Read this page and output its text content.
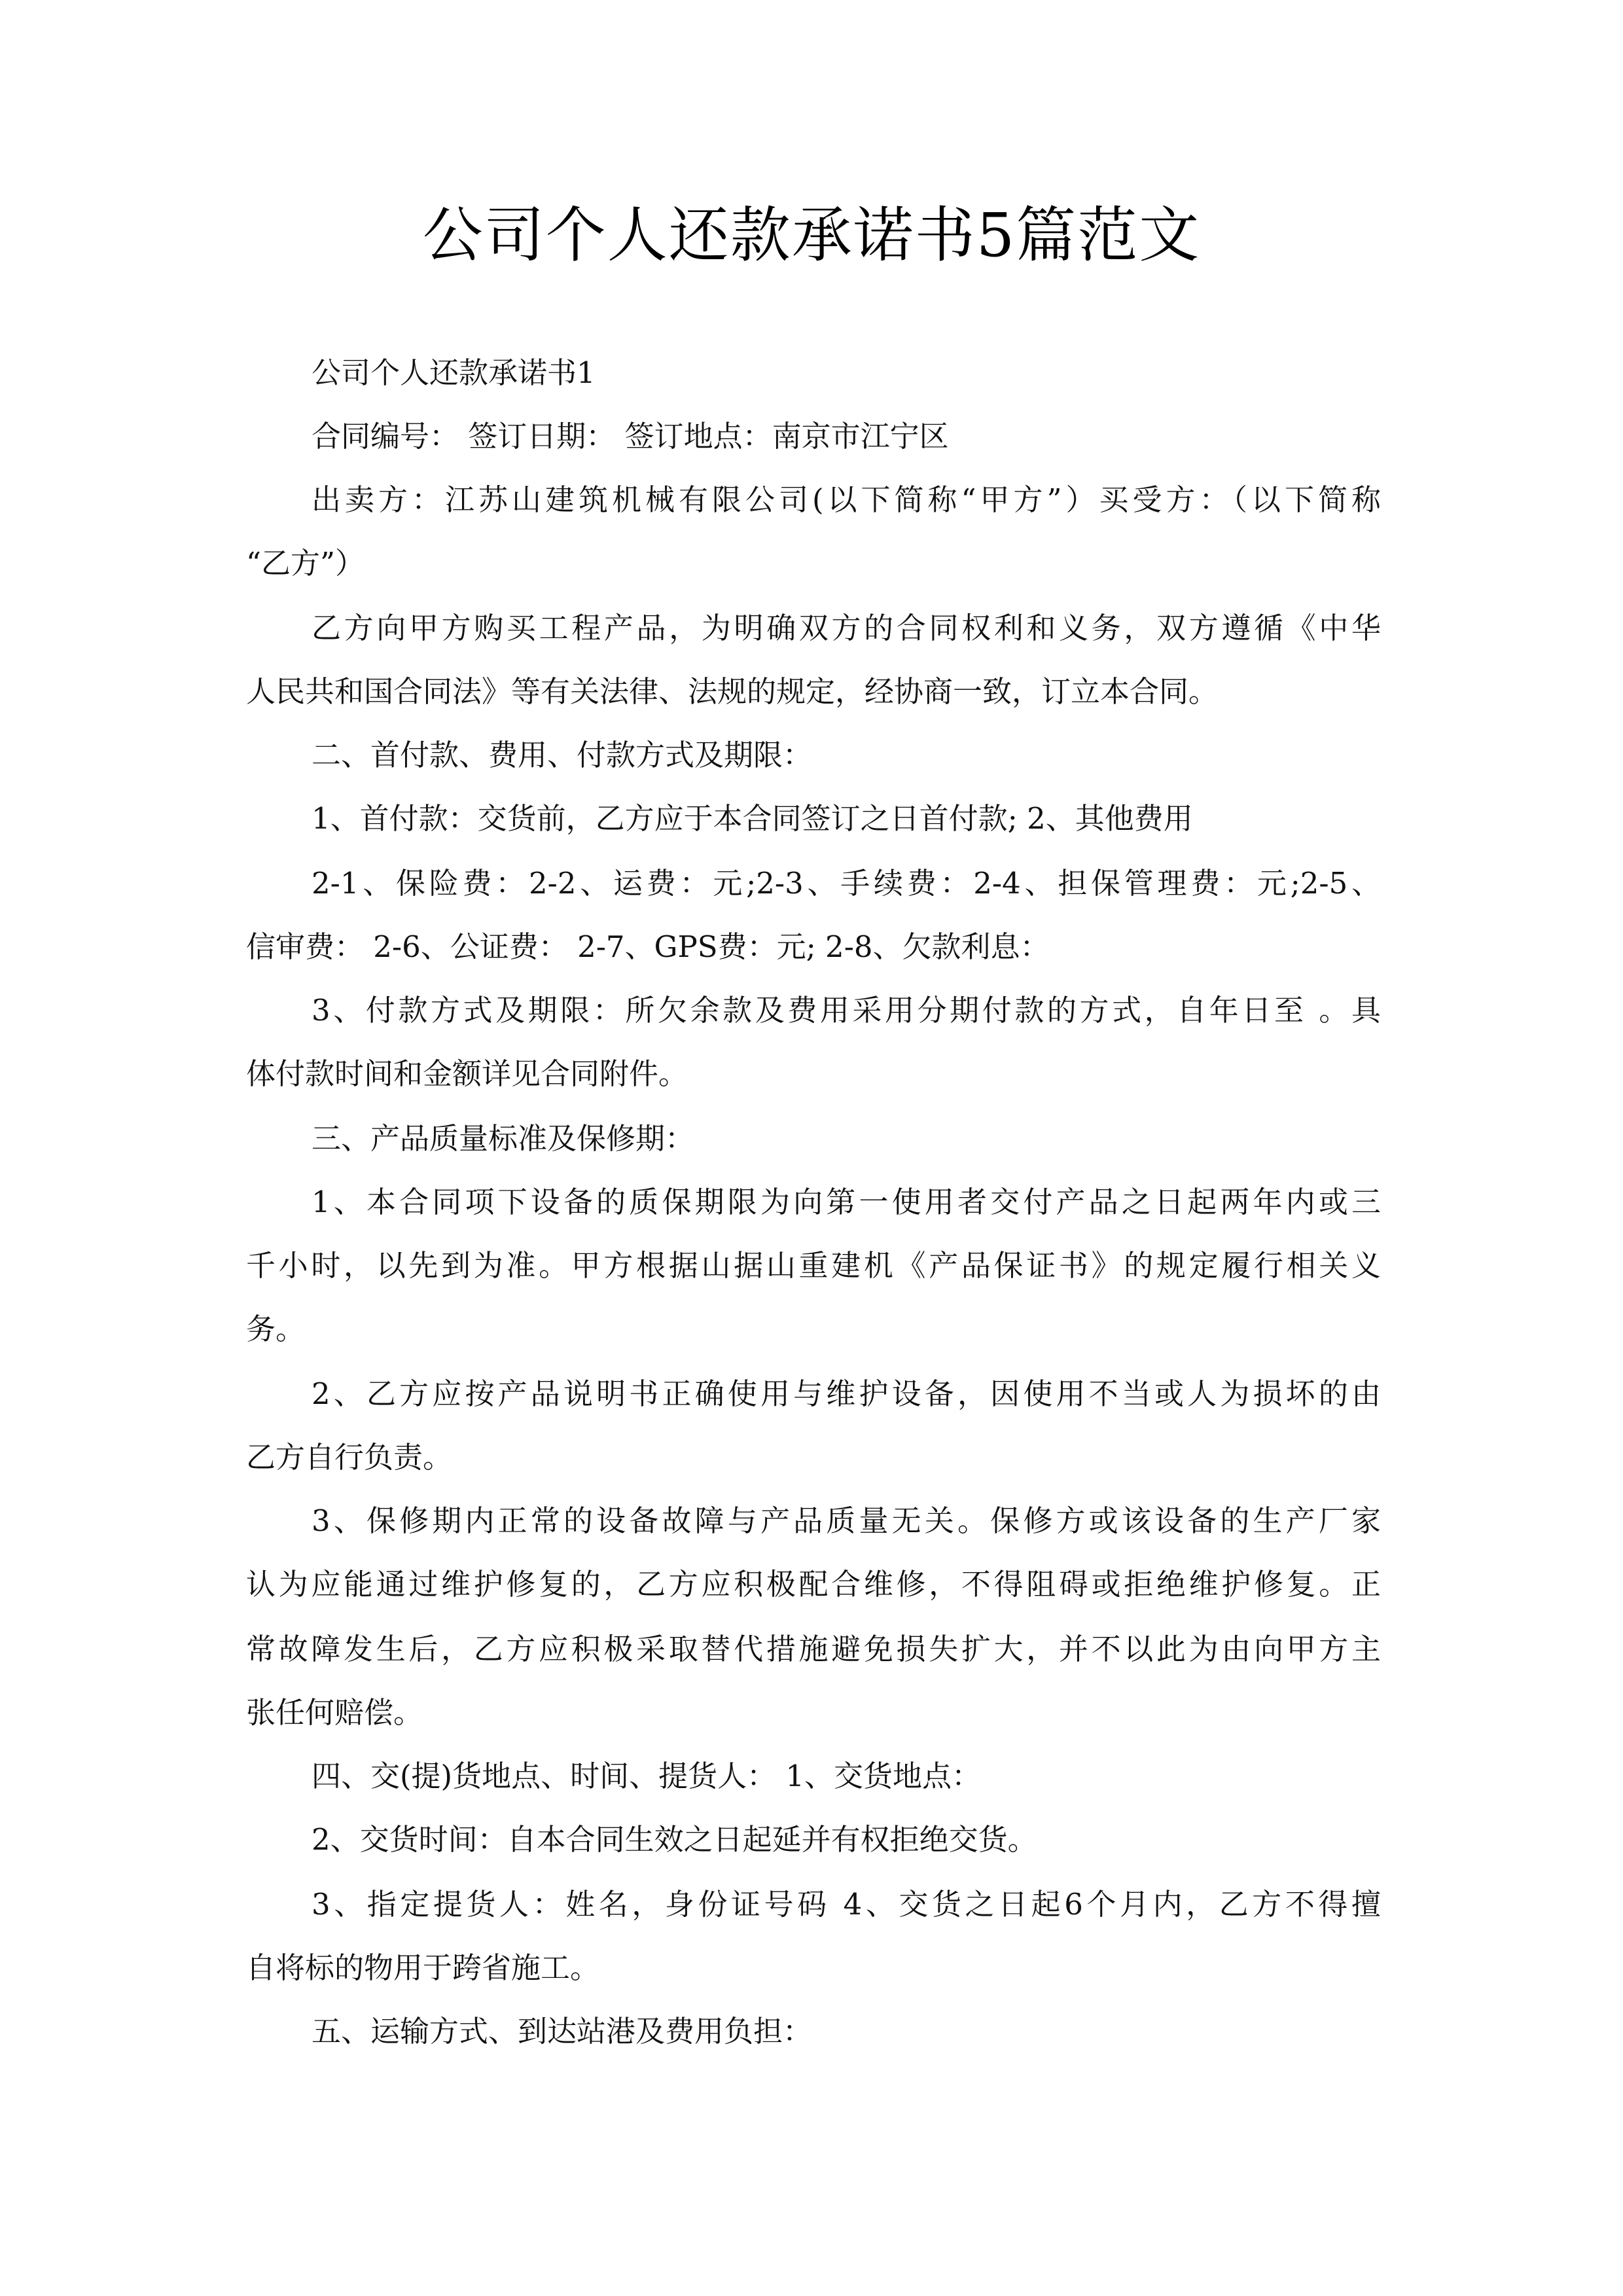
公司个人还款承诺书5篇范文
公司个人还款承诺书1
合同编号： 签订日期： 签订地点：南京市江宁区
出卖方：江苏山建筑机械有限公司(以下简称“甲方”）买受方：（以下简称
“乙方”）
乙方向甲方购买工程产品，为明确双方的合同权利和义务，双方遵循《中华
人民共和国合同法》等有关法律、法规的规定，经协商一致，订立本合同。
二、首付款、费用、付款方式及期限：
1、首付款：交货前，乙方应于本合同签订之日首付款; 2、其他费用
2-1、保险费：2-2、运费：元;2-3、手续费：2-4、担保管理费：元;2-5、
信审费： 2-6、公证费： 2-7、GPS费：元; 2-8、欠款利息：
3、付款方式及期限：所欠余款及费用采用分期付款的方式，自年日至 。具
体付款时间和金额详见合同附件。
三、产品质量标准及保修期：
1、本合同项下设备的质保期限为向第一使用者交付产品之日起两年内或三
千小时，以先到为准。甲方根据山据山重建机《产品保证书》的规定履行相关义
务。
2、乙方应按产品说明书正确使用与维护设备，因使用不当或人为损坏的由
乙方自行负责。
3、保修期内正常的设备故障与产品质量无关。保修方或该设备的生产厂家
认为应能通过维护修复的，乙方应积极配合维修，不得阻碍或拒绝维护修复。正
常故障发生后，乙方应积极采取替代措施避免损失扩大，并不以此为由向甲方主
张任何赔偿。
四、交(提)货地点、时间、提货人： 1、交货地点：
2、交货时间：自本合同生效之日起延并有权拒绝交货。
3、指定提货人：姓名，身份证号码 4、交货之日起6个月内，乙方不得擅
自将标的物用于跨省施工。
五、运输方式、到达站港及费用负担：
